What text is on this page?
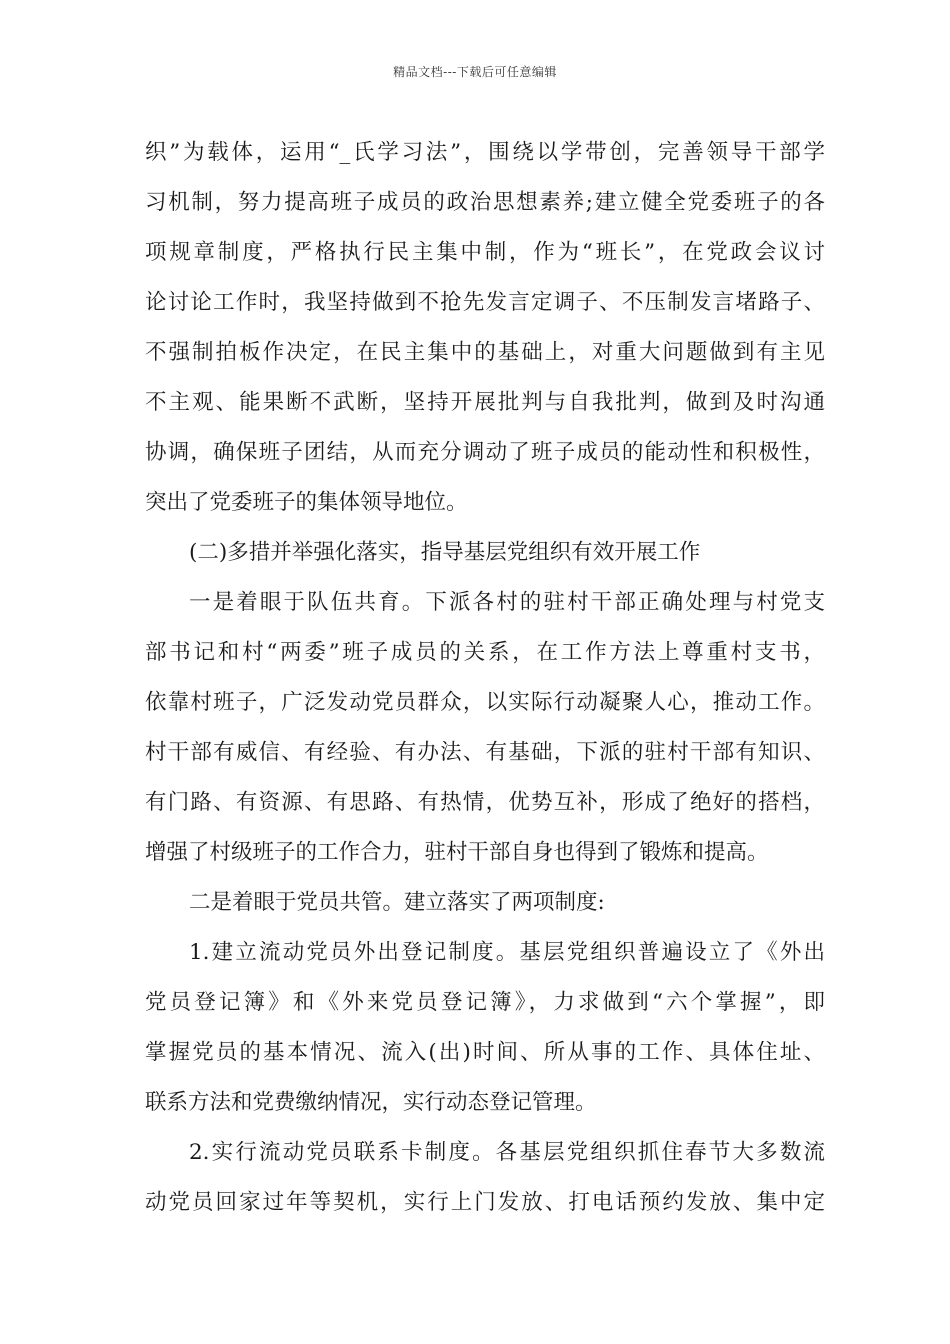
精品文档---下载后可任意编辑
织”为载体，运用“_氏学习法”，围绕以学带创，完善领导干部学
习机制，努力提高班子成员的政治思想素养;建立健全党委班子的各
项规章制度，严格执行民主集中制，作为“班长”，在党政会议讨
论讨论工作时，我坚持做到不抢先发言定调子、不压制发言堵路子、
不强制拍板作决定，在民主集中的基础上，对重大问题做到有主见
不主观、能果断不武断，坚持开展批判与自我批判，做到及时沟通
协调，确保班子团结，从而充分调动了班子成员的能动性和积极性，
突出了党委班子的集体领导地位。
(二)多措并举强化落实，指导基层党组织有效开展工作
一是着眼于队伍共育。下派各村的驻村干部正确处理与村党支
部书记和村“两委”班子成员的关系，在工作方法上尊重村支书，
依靠村班子，广泛发动党员群众，以实际行动凝聚人心，推动工作。
村干部有威信、有经验、有办法、有基础，下派的驻村干部有知识、
有门路、有资源、有思路、有热情，优势互补，形成了绝好的搭档，
增强了村级班子的工作合力，驻村干部自身也得到了锻炼和提高。
二是着眼于党员共管。建立落实了两项制度:
1.建立流动党员外出登记制度。基层党组织普遍设立了《外出
党员登记簿》和《外来党员登记簿》，力求做到“六个掌握”，即
掌握党员的基本情况、流入(出)时间、所从事的工作、具体住址、
联系方法和党费缴纳情况，实行动态登记管理。
2.实行流动党员联系卡制度。各基层党组织抓住春节大多数流
动党员回家过年等契机，实行上门发放、打电话预约发放、集中定
